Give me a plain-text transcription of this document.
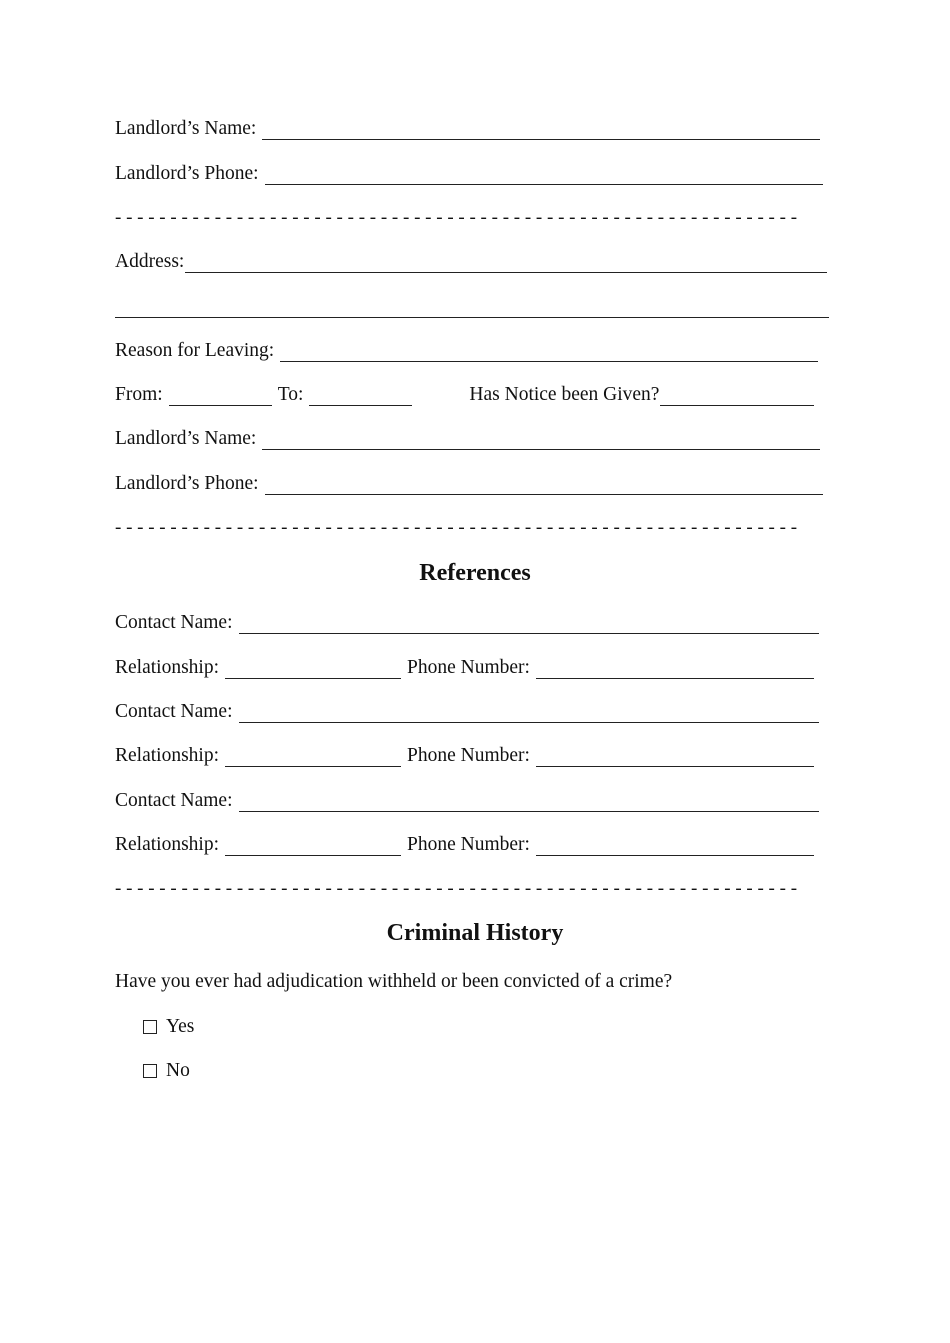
Landlord’s Name:
Landlord’s Phone:
- - - - - - - - - - - - - - - - - - - - - - - - - - - - - - - - - - - - - - - - - - - - - - - - - - - - - - - - - - - - - -
Address:
Reason for Leaving:
From:	To:	Has Notice been Given?
Landlord’s Name:
Landlord’s Phone:
- - - - - - - - - - - - - - - - - - - - - - - - - - - - - - - - - - - - - - - - - - - - - - - - - - - - - - - - - - - - - -
References
Contact Name:
Relationship:	Phone Number:
Contact Name:
Relationship:	Phone Number:
Contact Name:
Relationship:	Phone Number:
- - - - - - - - - - - - - - - - - - - - - - - - - - - - - - - - - - - - - - - - - - - - - - - - - - - - - - - - - - - - - -
Criminal History
Have you ever had adjudication withheld or been convicted of a crime?
Yes
No
